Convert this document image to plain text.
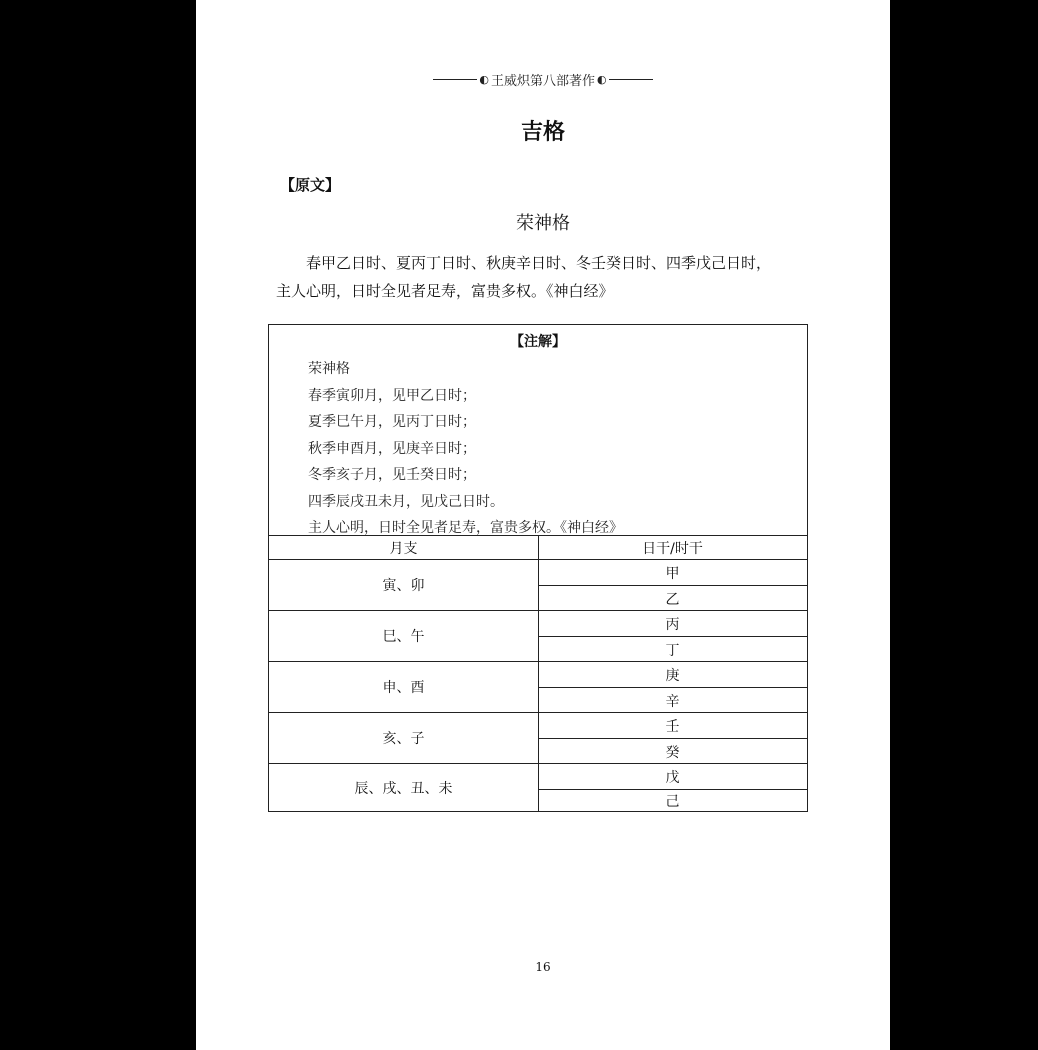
◐ 王威炽第八部著作 ◐
吉格
【原文】
荣神格

春甲乙日时、夏丙丁日时、秋庚辛日时、冬壬癸日时、四季戊己日时，

主人心明，日时全见者足寿，富贵多权。《神白经》

【注解】
荣神格
春季寅卯月，见甲乙日时；
夏季巳午月，见丙丁日时；
秋季申酉月，见庚辛日时；
冬季亥子月，见壬癸日时；
四季辰戌丑未月，见戊己日时。
主人心明，日时全见者足寿，富贵多权。《神白经》
月支	日干/时干
寅、卯
甲
乙
巳、午
丙
丁
申、酉
庚
辛
亥、子
壬
癸
辰、戌、丑、未
戊
己
16
